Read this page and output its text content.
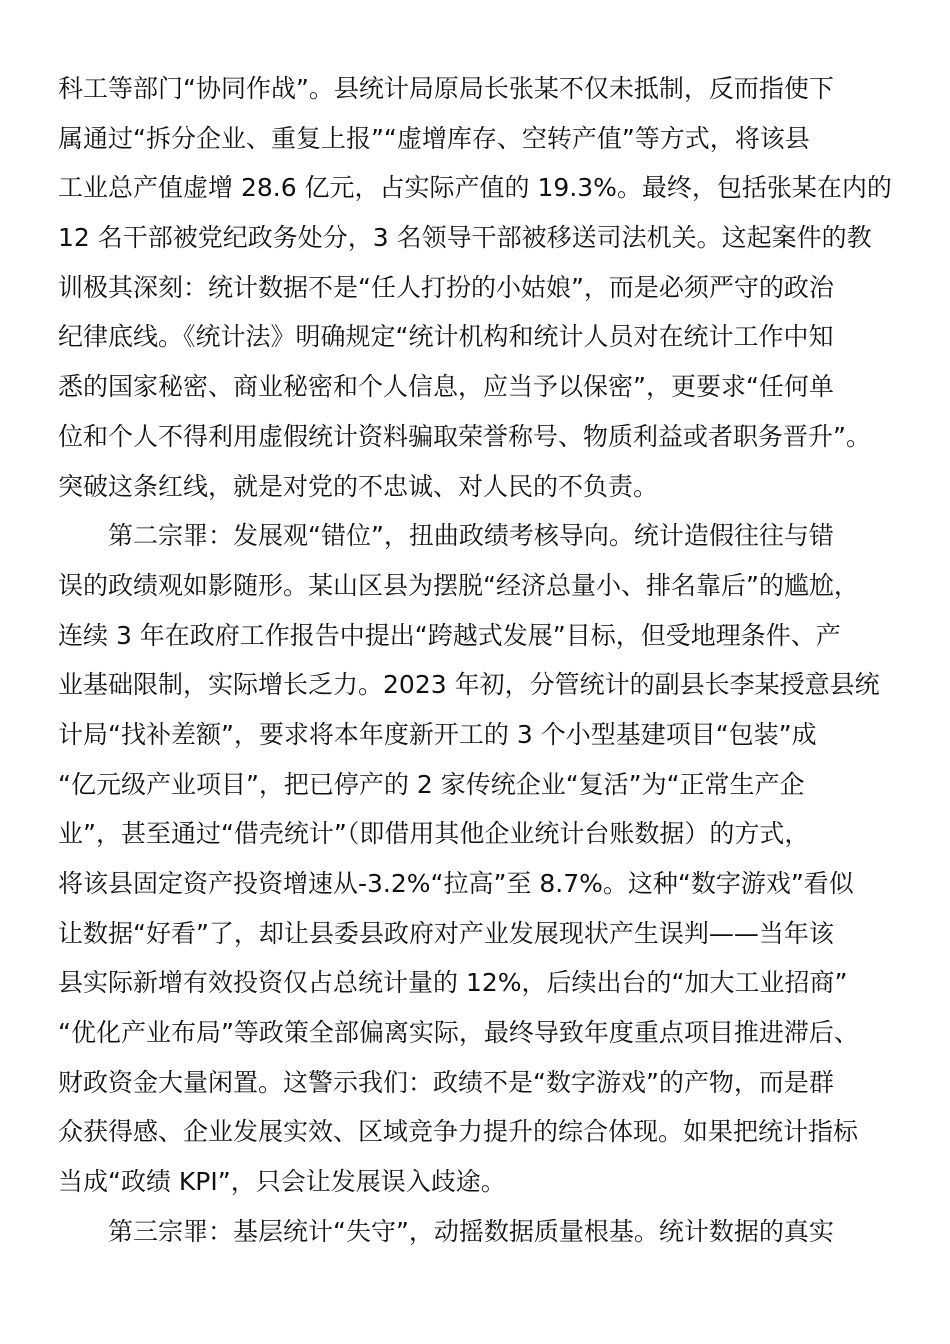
科工等部门“协同作战”。县统计局原局长张某不仅未抵制，反而指使下
属通过“拆分企业、重复上报”“虚增库存、空转产值”等方式，将该县
工业总产值虚增 28.6 亿元，占实际产值的 19.3%。最终，包括张某在内的
12 名干部被党纪政务处分，3 名领导干部被移送司法机关。这起案件的教
训极其深刻：统计数据不是“任人打扮的小姑娘”，而是必须严守的政治
纪律底线。《统计法》明确规定“统计机构和统计人员对在统计工作中知
悉的国家秘密、商业秘密和个人信息，应当予以保密”，更要求“任何单
位和个人不得利用虚假统计资料骗取荣誉称号、物质利益或者职务晋升”。
突破这条红线，就是对党的不忠诚、对人民的不负责。
第二宗罪：发展观“错位”，扭曲政绩考核导向。统计造假往往与错
误的政绩观如影随形。某山区县为摆脱“经济总量小、排名靠后”的尴尬，
连续 3 年在政府工作报告中提出“跨越式发展”目标，但受地理条件、产
业基础限制，实际增长乏力。2023 年初，分管统计的副县长李某授意县统
计局“找补差额”，要求将本年度新开工的 3 个小型基建项目“包装”成
“亿元级产业项目”，把已停产的 2 家传统企业“复活”为“正常生产企
业”，甚至通过“借壳统计”（即借用其他企业统计台账数据）的方式，
将该县固定资产投资增速从-3.2%“拉高”至 8.7%。这种“数字游戏”看似
让数据“好看”了，却让县委县政府对产业发展现状产生误判——当年该
县实际新增有效投资仅占总统计量的 12%，后续出台的“加大工业招商”
“优化产业布局”等政策全部偏离实际，最终导致年度重点项目推进滞后、
财政资金大量闲置。这警示我们：政绩不是“数字游戏”的产物，而是群
众获得感、企业发展实效、区域竞争力提升的综合体现。如果把统计指标
当成“政绩 KPI”，只会让发展误入歧途。
第三宗罪：基层统计“失守”，动摇数据质量根基。统计数据的真实
